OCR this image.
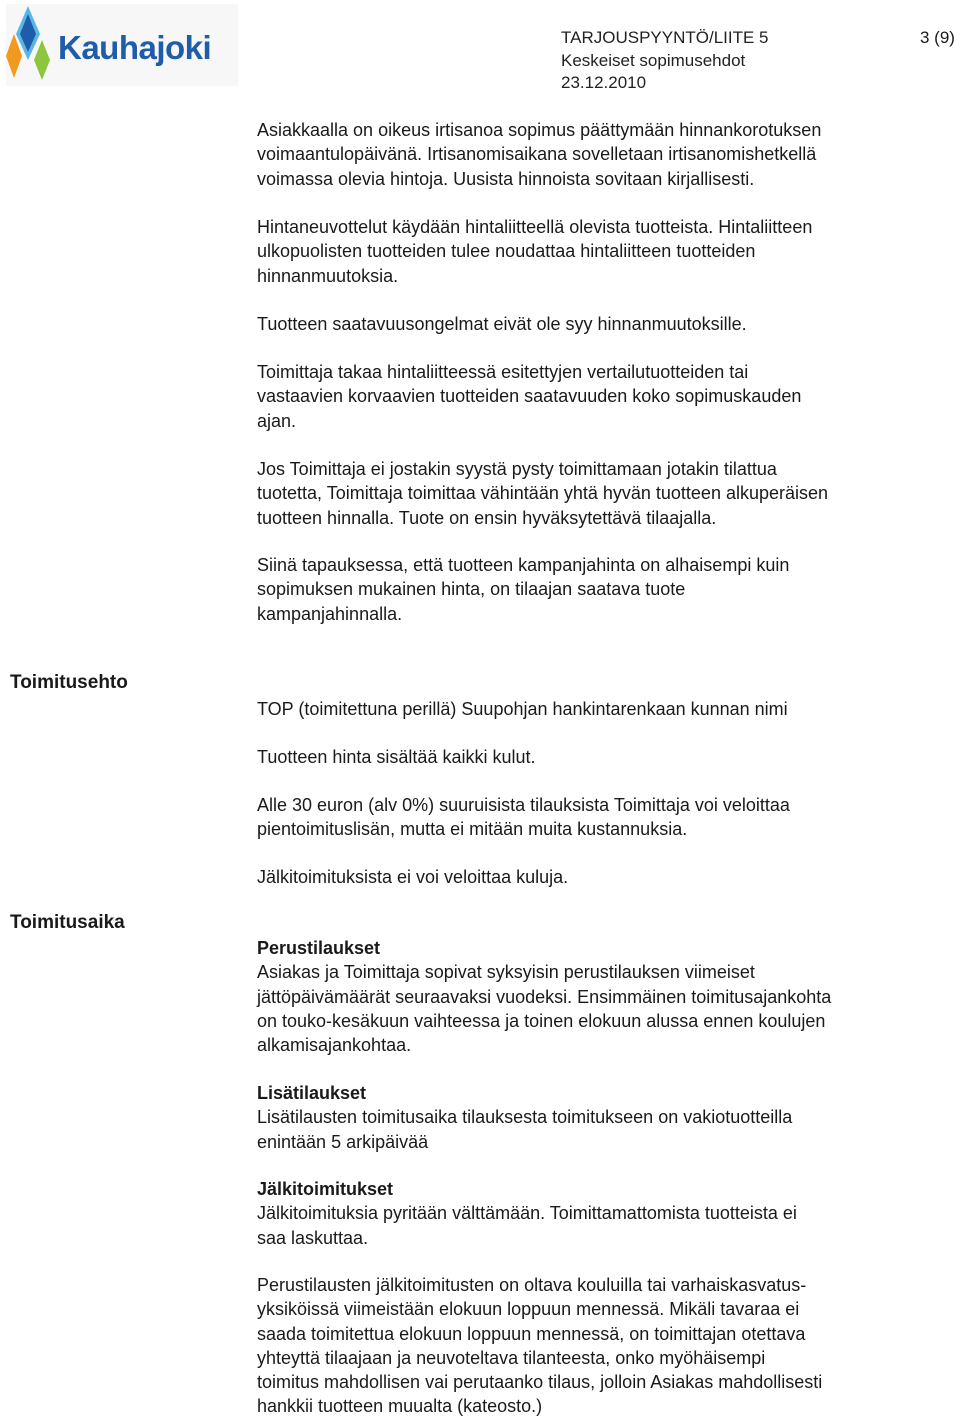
Kauhajoki	TARJOUSPYYNTÖ/LIITE 5
Keskeiset sopimusehdot
23.12.2010
3 (9)
Asiakkaalla on oikeus irtisanoa sopimus päättymään hinnankorotuksen
voimaantulopäivänä. Irtisanomisaikana sovelletaan irtisanomishetkellä
voimassa olevia hintoja. Uusista hinnoista sovitaan kirjallisesti.
Hintaneuvottelut käydään hintaliitteellä olevista tuotteista. Hintaliitteen
ulkopuolisten tuotteiden tulee noudattaa hintaliitteen tuotteiden
hinnanmuutoksia.
Tuotteen saatavuusongelmat eivät ole syy hinnanmuutoksille.
Toimittaja takaa hintaliitteessä esitettyjen vertailutuotteiden tai
vastaavien korvaavien tuotteiden saatavuuden koko sopimuskauden
ajan.
Jos Toimittaja ei jostakin syystä pysty toimittamaan jotakin tilattua
tuotetta, Toimittaja toimittaa vähintään yhtä hyvän tuotteen alkuperäisen
tuotteen hinnalla. Tuote on ensin hyväksytettävä tilaajalla.
Siinä tapauksessa, että tuotteen kampanjahinta on alhaisempi kuin
sopimuksen mukainen hinta, on tilaajan saatava tuote
kampanjahinnalla.
Toimitusehto
TOP (toimitettuna perillä) Suupohjan hankintarenkaan kunnan nimi
Tuotteen hinta sisältää kaikki kulut.
Alle 30 euron (alv 0%) suuruisista tilauksista Toimittaja voi veloittaa
pientoimituslisän, mutta ei mitään muita kustannuksia.
Jälkitoimituksista ei voi veloittaa kuluja.
Toimitusaika
Perustilaukset
Asiakas ja Toimittaja sopivat syksyisin perustilauksen viimeiset
jättöpäivämäärät seuraavaksi vuodeksi. Ensimmäinen toimitusajankohta
on touko-kesäkuun vaihteessa ja toinen elokuun alussa ennen koulujen
alkamisajankohtaa.
Lisätilaukset
Lisätilausten toimitusaika tilauksesta toimitukseen on vakiotuotteilla
enintään 5 arkipäivää
Jälkitoimitukset
Jälkitoimituksia pyritään välttämään. Toimittamattomista tuotteista ei
saa laskuttaa.
Perustilausten jälkitoimitusten on oltava kouluilla tai varhaiskasvatus-
yksiköissä viimeistään elokuun loppuun mennessä. Mikäli tavaraa ei
saada toimitettua elokuun loppuun mennessä, on toimittajan otettava
yhteyttä tilaajaan ja neuvoteltava tilanteesta, onko myöhäisempi
toimitus mahdollisen vai perutaanko tilaus, jolloin Asiakas mahdollisesti
hankkii tuotteen muualta (kateosto.)
